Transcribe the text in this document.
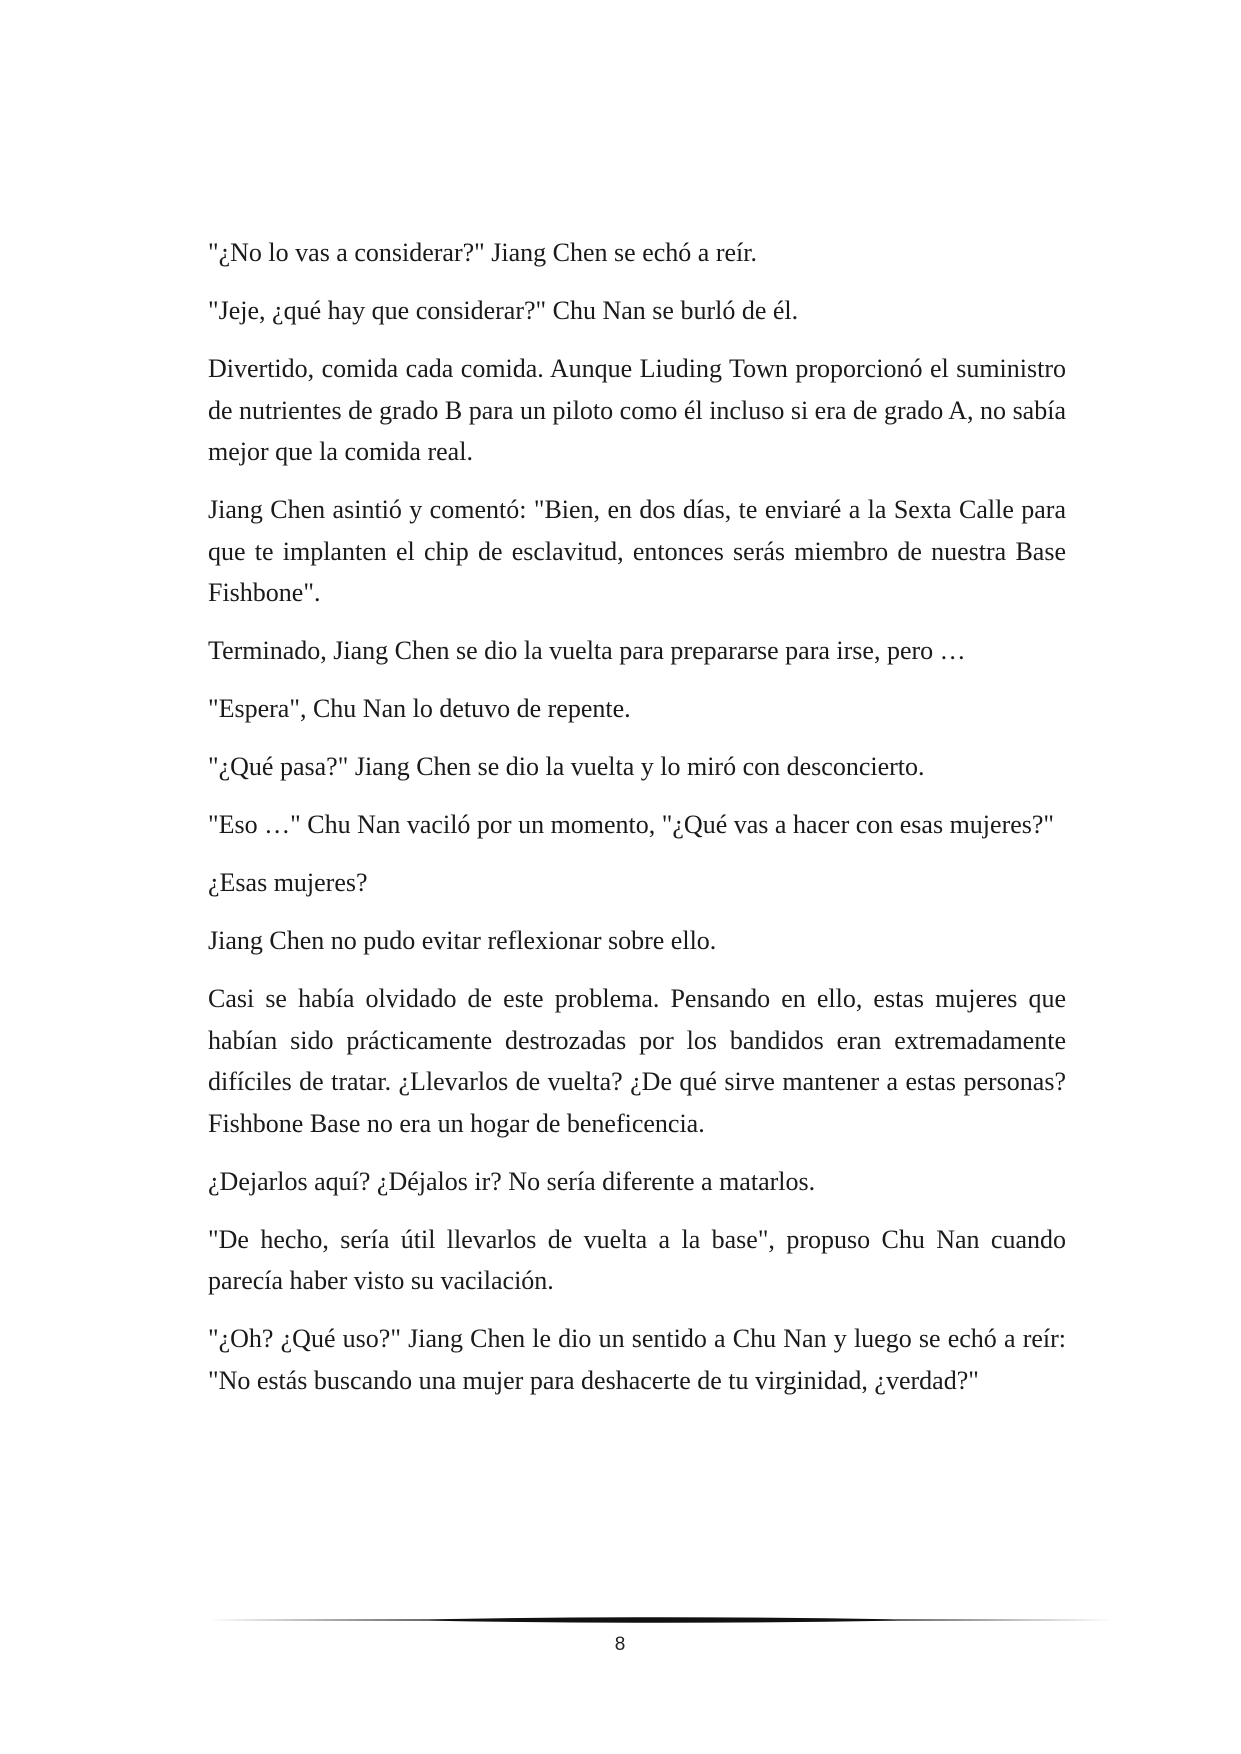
"¿No lo vas a considerar?" Jiang Chen se echó a reír.

"Jeje, ¿qué hay que considerar?" Chu Nan se burló de él.

Divertido, comida cada comida. Aunque Liuding Town proporcionó el suministro de nutrientes de grado B para un piloto como él incluso si era de grado A, no sabía mejor que la comida real.

Jiang Chen asintió y comentó: "Bien, en dos días, te enviaré a la Sexta Calle para que te implanten el chip de esclavitud, entonces serás miembro de nuestra Base Fishbone".

Terminado, Jiang Chen se dio la vuelta para prepararse para irse, pero …

"Espera", Chu Nan lo detuvo de repente.

"¿Qué pasa?" Jiang Chen se dio la vuelta y lo miró con desconcierto.

"Eso …" Chu Nan vaciló por un momento, "¿Qué vas a hacer con esas mujeres?"

¿Esas mujeres?

Jiang Chen no pudo evitar reflexionar sobre ello.

Casi se había olvidado de este problema. Pensando en ello, estas mujeres que habían sido prácticamente destrozadas por los bandidos eran extremadamente difíciles de tratar. ¿Llevarlos de vuelta? ¿De qué sirve mantener a estas personas? Fishbone Base no era un hogar de beneficencia.

¿Dejarlos aquí? ¿Déjalos ir? No sería diferente a matarlos.

"De hecho, sería útil llevarlos de vuelta a la base", propuso Chu Nan cuando parecía haber visto su vacilación.

"¿Oh? ¿Qué uso?" Jiang Chen le dio un sentido a Chu Nan y luego se echó a reír: "No estás buscando una mujer para deshacerte de tu virginidad, ¿verdad?"

8
